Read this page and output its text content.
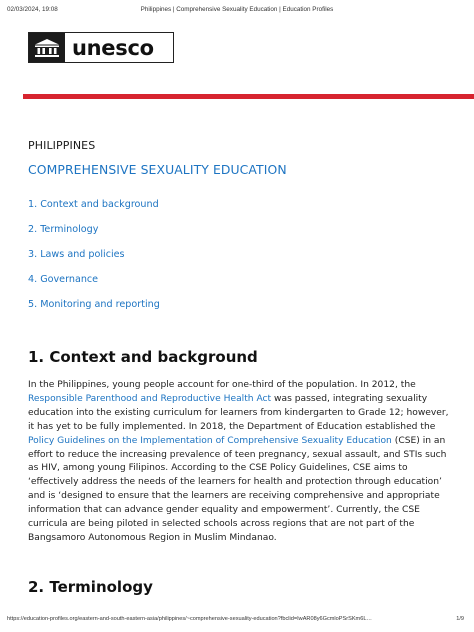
02/03/2024, 19:08	Philippines | Comprehensive Sexuality Education | Education Profiles
unesco
PHILIPPINES
COMPREHENSIVE SEXUALITY EDUCATION
1. Context and background
2. Terminology
3. Laws and policies
4. Governance
5. Monitoring and reporting
1. Context and background

In the Philippines, young people account for one-third of the population. In 2012, the Responsible Parenthood and Reproductive Health Act was passed, integrating sexuality education into the existing curriculum for learners from kindergarten to Grade 12; however, it has yet to be fully implemented. In 2018, the Department of Education established the Policy Guidelines on the Implementation of Comprehensive Sexuality Education (CSE) in an effort to reduce the increasing prevalence of teen pregnancy, sexual assault, and STIs such as HIV, among young Filipinos. According to the CSE Policy Guidelines, CSE aims to ‘effectively address the needs of the learners for health and protection through education’ and is ‘designed to ensure that the learners are receiving comprehensive and appropriate information that can advance gender equality and empowerment’. Currently, the CSE curricula are being piloted in selected schools across regions that are not part of the Bangsamoro Autonomous Region in Muslim Mindanao.

2. Terminology
https://education-profiles.org/eastern-and-south-eastern-asia/philippines/~comprehensive-sexuality-education?fbclid=IwAR08y6GcmloPSrSKm6L…	1/9
